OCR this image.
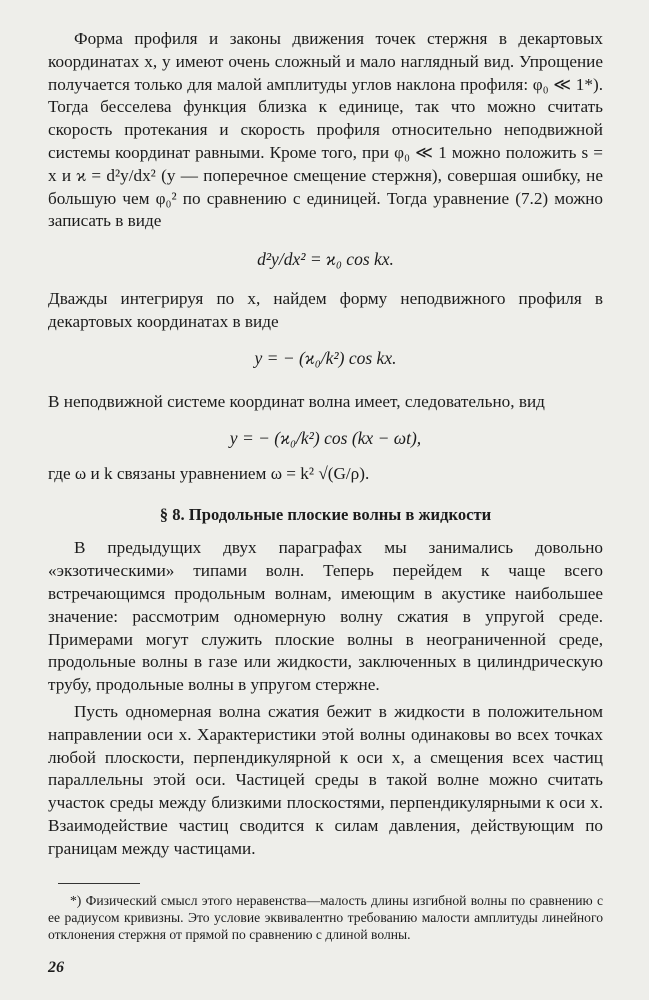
Форма профиля и законы движения точек стержня в декартовых координатах x, y имеют очень сложный и мало наглядный вид. Упрощение получается только для малой амплитуды углов наклона профиля: φ₀ ≪ 1*). Тогда бесселева функция близка к единице, так что можно считать скорость протекания и скорость профиля относительно неподвижной системы координат равными. Кроме того, при φ₀ ≪ 1 можно положить s = x и ϰ = d²y/dx² (y — поперечное смещение стержня), совершая ошибку, не большую чем φ₀² по сравнению с единицей. Тогда уравнение (7.2) можно записать в виде

d²y/dx² = ϰ₀ cos kx.

Дважды интегрируя по x, найдем форму неподвижного профиля в декартовых координатах в виде

y = − (ϰ₀/k²) cos kx.

В неподвижной системе координат волна имеет, следовательно, вид

y = − (ϰ₀/k²) cos (kx − ωt),

где ω и k связаны уравнением ω = k² √(G/ρ).

§ 8. Продольные плоские волны в жидкости

В предыдущих двух параграфах мы занимались довольно «экзотическими» типами волн. Теперь перейдем к чаще всего встречающимся продольным волнам, имеющим в акустике наибольшее значение: рассмотрим одномерную волну сжатия в упругой среде. Примерами могут служить плоские волны в неограниченной среде, продольные волны в газе или жидкости, заключенных в цилиндрическую трубу, продольные волны в упругом стержне.

Пусть одномерная волна сжатия бежит в жидкости в положительном направлении оси x. Характеристики этой волны одинаковы во всех точках любой плоскости, перпендикулярной к оси x, а смещения всех частиц параллельны этой оси. Частицей среды в такой волне можно считать участок среды между близкими плоскостями, перпендикулярными к оси x. Взаимодействие частиц сводится к силам давления, действующим по границам между частицами.

*) Физический смысл этого неравенства—малость длины изгибной волны по сравнению с ее радиусом кривизны. Это условие эквивалентно требованию малости амплитуды линейного отклонения стержня от прямой по сравнению с длиной волны.

26
